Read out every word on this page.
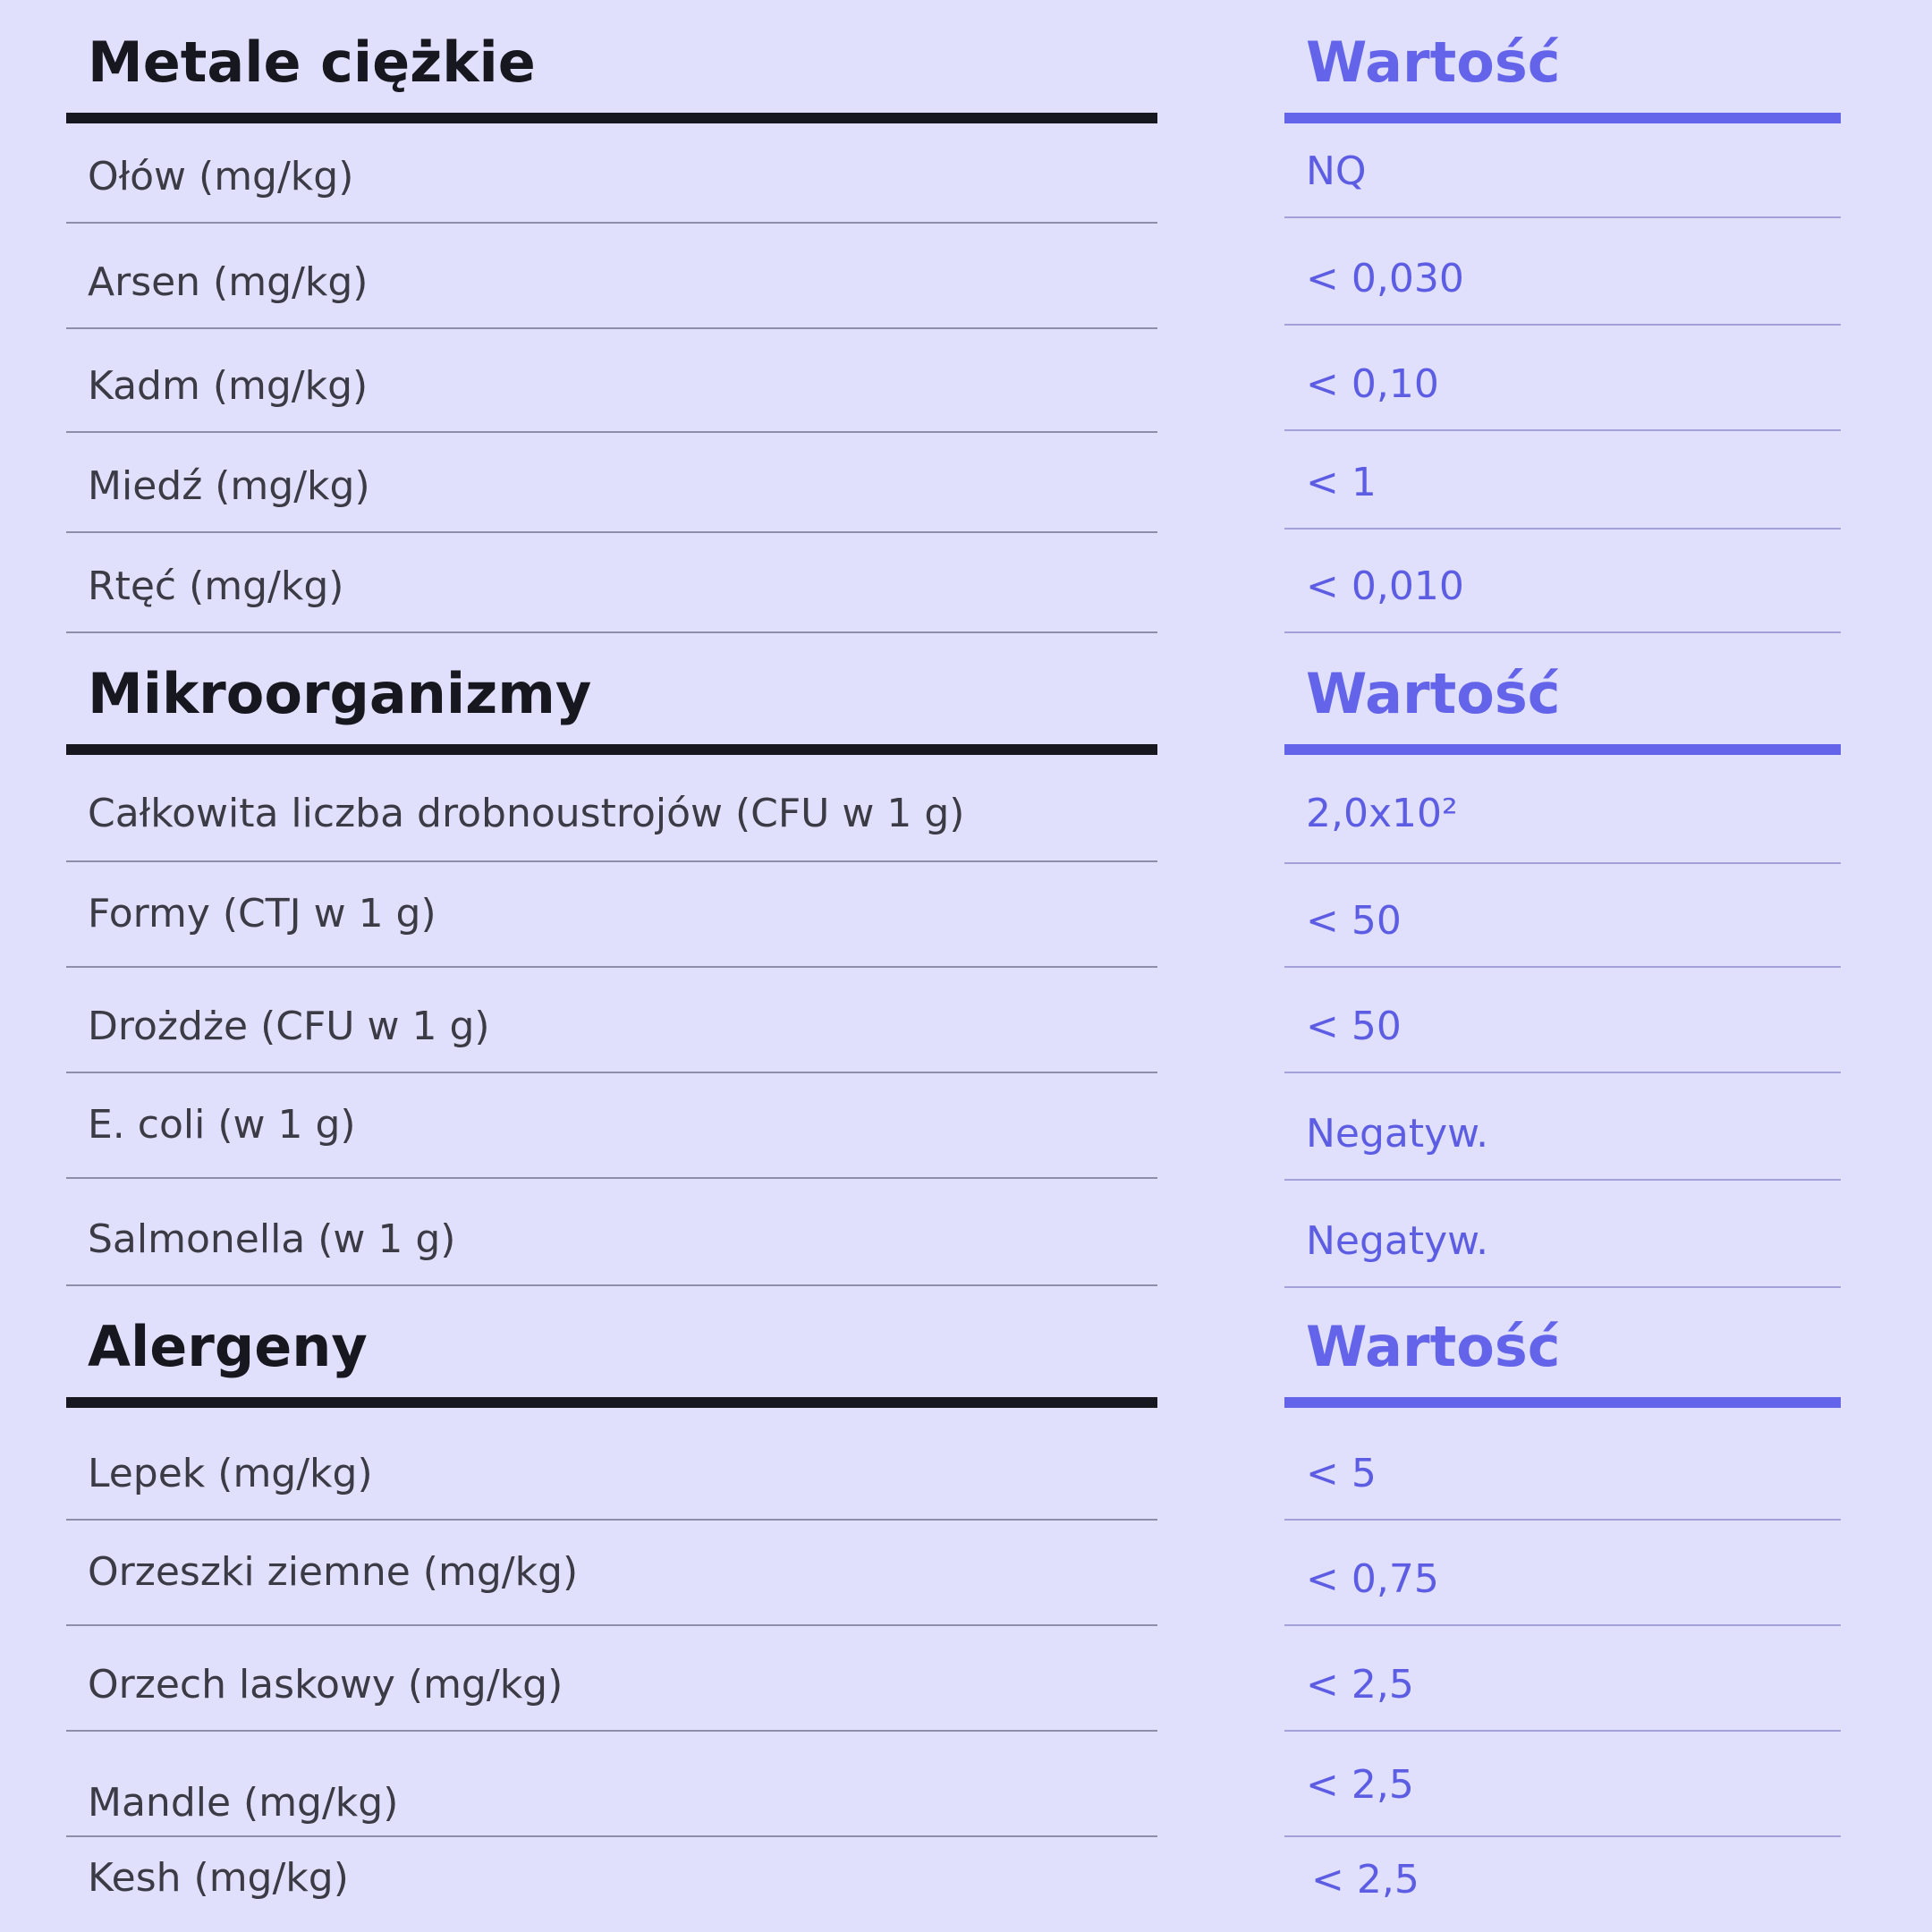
Metale ciężkie
Ołów (mg/kg)
Arsen (mg/kg)
Kadm (mg/kg)
Miedź (mg/kg)
Rtęć (mg/kg)
Mikroorganizmy
Całkowita liczba drobnoustrojów (CFU w 1 g)
Formy (CTJ w 1 g)
Drożdże (CFU w 1 g)
E. coli (w 1 g)
Salmonella (w 1 g)
Alergeny
Lepek (mg/kg)
Orzeszki ziemne (mg/kg)
Orzech laskowy (mg/kg)
Mandle (mg/kg)
Kesh (mg/kg)
Wartość
NQ
< 0,030
< 0,10
< 1
< 0,010
Wartość
2,0x10²
< 50
< 50
Negatyw.
Negatyw.
Wartość
< 5
< 0,75
< 2,5
< 2,5
< 2,5
